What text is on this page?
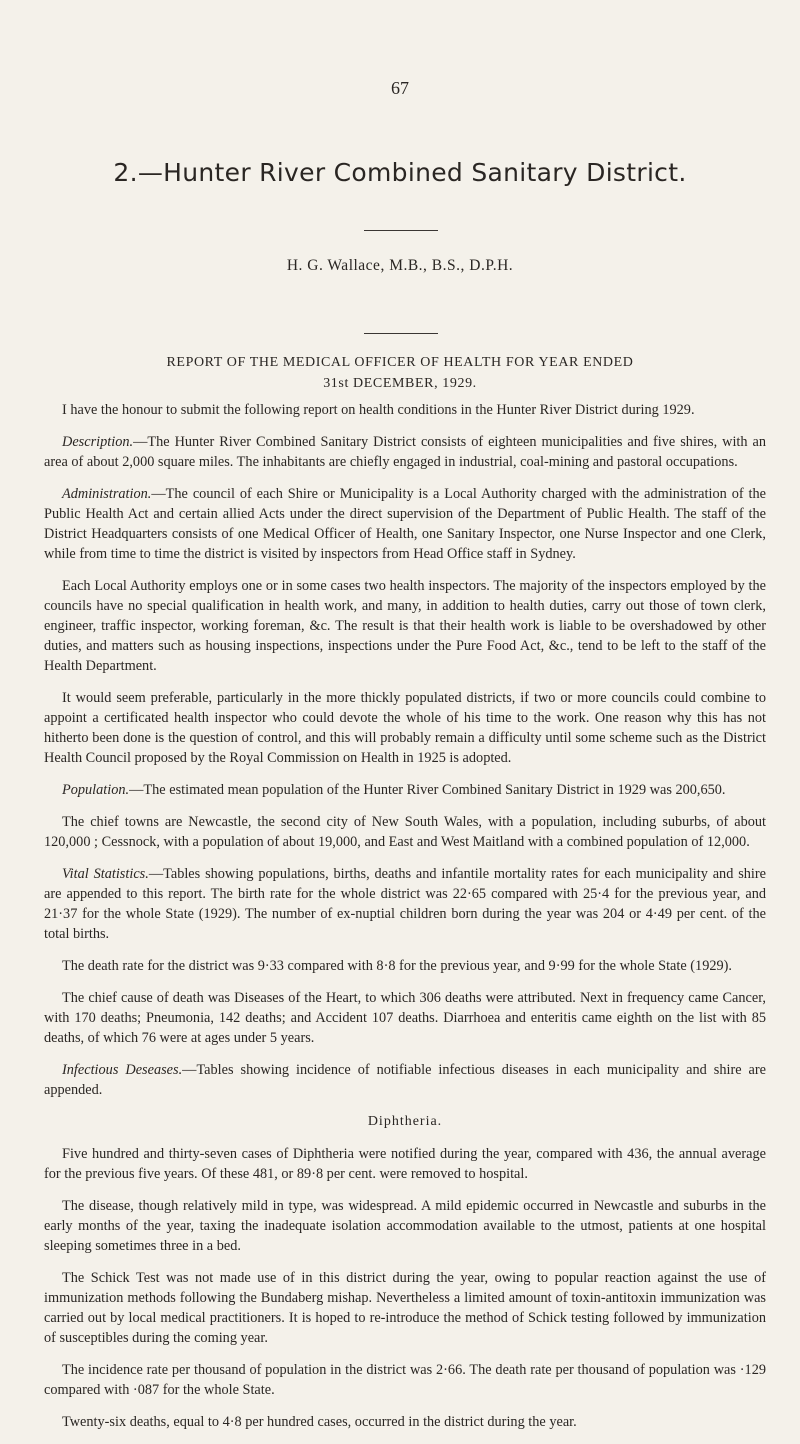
67
2.—Hunter River Combined Sanitary District.
H. G. Wallace, M.B., B.S., D.P.H.
REPORT OF THE MEDICAL OFFICER OF HEALTH FOR YEAR ENDED
31st DECEMBER, 1929.

I have the honour to submit the following report on health conditions in the Hunter River District during 1929.

Description.—The Hunter River Combined Sanitary District consists of eighteen municipalities and five shires, with an area of about 2,000 square miles. The inhabitants are chiefly engaged in industrial, coal-mining and pastoral occupations.

Administration.—The council of each Shire or Municipality is a Local Authority charged with the administration of the Public Health Act and certain allied Acts under the direct supervision of the Department of Public Health. The staff of the District Headquarters consists of one Medical Officer of Health, one Sanitary Inspector, one Nurse Inspector and one Clerk, while from time to time the district is visited by inspectors from Head Office staff in Sydney.

Each Local Authority employs one or in some cases two health inspectors. The majority of the inspectors employed by the councils have no special qualification in health work, and many, in addition to health duties, carry out those of town clerk, engineer, traffic inspector, working foreman, &c. The result is that their health work is liable to be overshadowed by other duties, and matters such as housing inspections, inspections under the Pure Food Act, &c., tend to be left to the staff of the Health Department.

It would seem preferable, particularly in the more thickly populated districts, if two or more councils could combine to appoint a certificated health inspector who could devote the whole of his time to the work. One reason why this has not hitherto been done is the question of control, and this will probably remain a difficulty until some scheme such as the District Health Council proposed by the Royal Commission on Health in 1925 is adopted.

Population.—The estimated mean population of the Hunter River Combined Sanitary District in 1929 was 200,650.

The chief towns are Newcastle, the second city of New South Wales, with a population, including suburbs, of about 120,000 ; Cessnock, with a population of about 19,000, and East and West Maitland with a combined population of 12,000.

Vital Statistics.—Tables showing populations, births, deaths and infantile mortality rates for each municipality and shire are appended to this report. The birth rate for the whole district was 22·65 compared with 25·4 for the previous year, and 21·37 for the whole State (1929). The number of ex-nuptial children born during the year was 204 or 4·49 per cent. of the total births.

The death rate for the district was 9·33 compared with 8·8 for the previous year, and 9·99 for the whole State (1929).

The chief cause of death was Diseases of the Heart, to which 306 deaths were attributed. Next in frequency came Cancer, with 170 deaths; Pneumonia, 142 deaths; and Accident 107 deaths. Diarrhoea and enteritis came eighth on the list with 85 deaths, of which 76 were at ages under 5 years.

Infectious Deseases.—Tables showing incidence of notifiable infectious diseases in each municipality and shire are appended.

Diphtheria.

Five hundred and thirty-seven cases of Diphtheria were notified during the year, compared with 436, the annual average for the previous five years. Of these 481, or 89·8 per cent. were removed to hospital.

The disease, though relatively mild in type, was widespread. A mild epidemic occurred in Newcastle and suburbs in the early months of the year, taxing the inadequate isolation accommodation available to the utmost, patients at one hospital sleeping sometimes three in a bed.

The Schick Test was not made use of in this district during the year, owing to popular reaction against the use of immunization methods following the Bundaberg mishap. Nevertheless a limited amount of toxin-antitoxin immunization was carried out by local medical practitioners. It is hoped to re-introduce the method of Schick testing followed by immunization of susceptibles during the coming year.

The incidence rate per thousand of population in the district was 2·66. The death rate per thousand of population was ·129 compared with ·087 for the whole State.

Twenty-six deaths, equal to 4·8 per hundred cases, occurred in the district during the year.
